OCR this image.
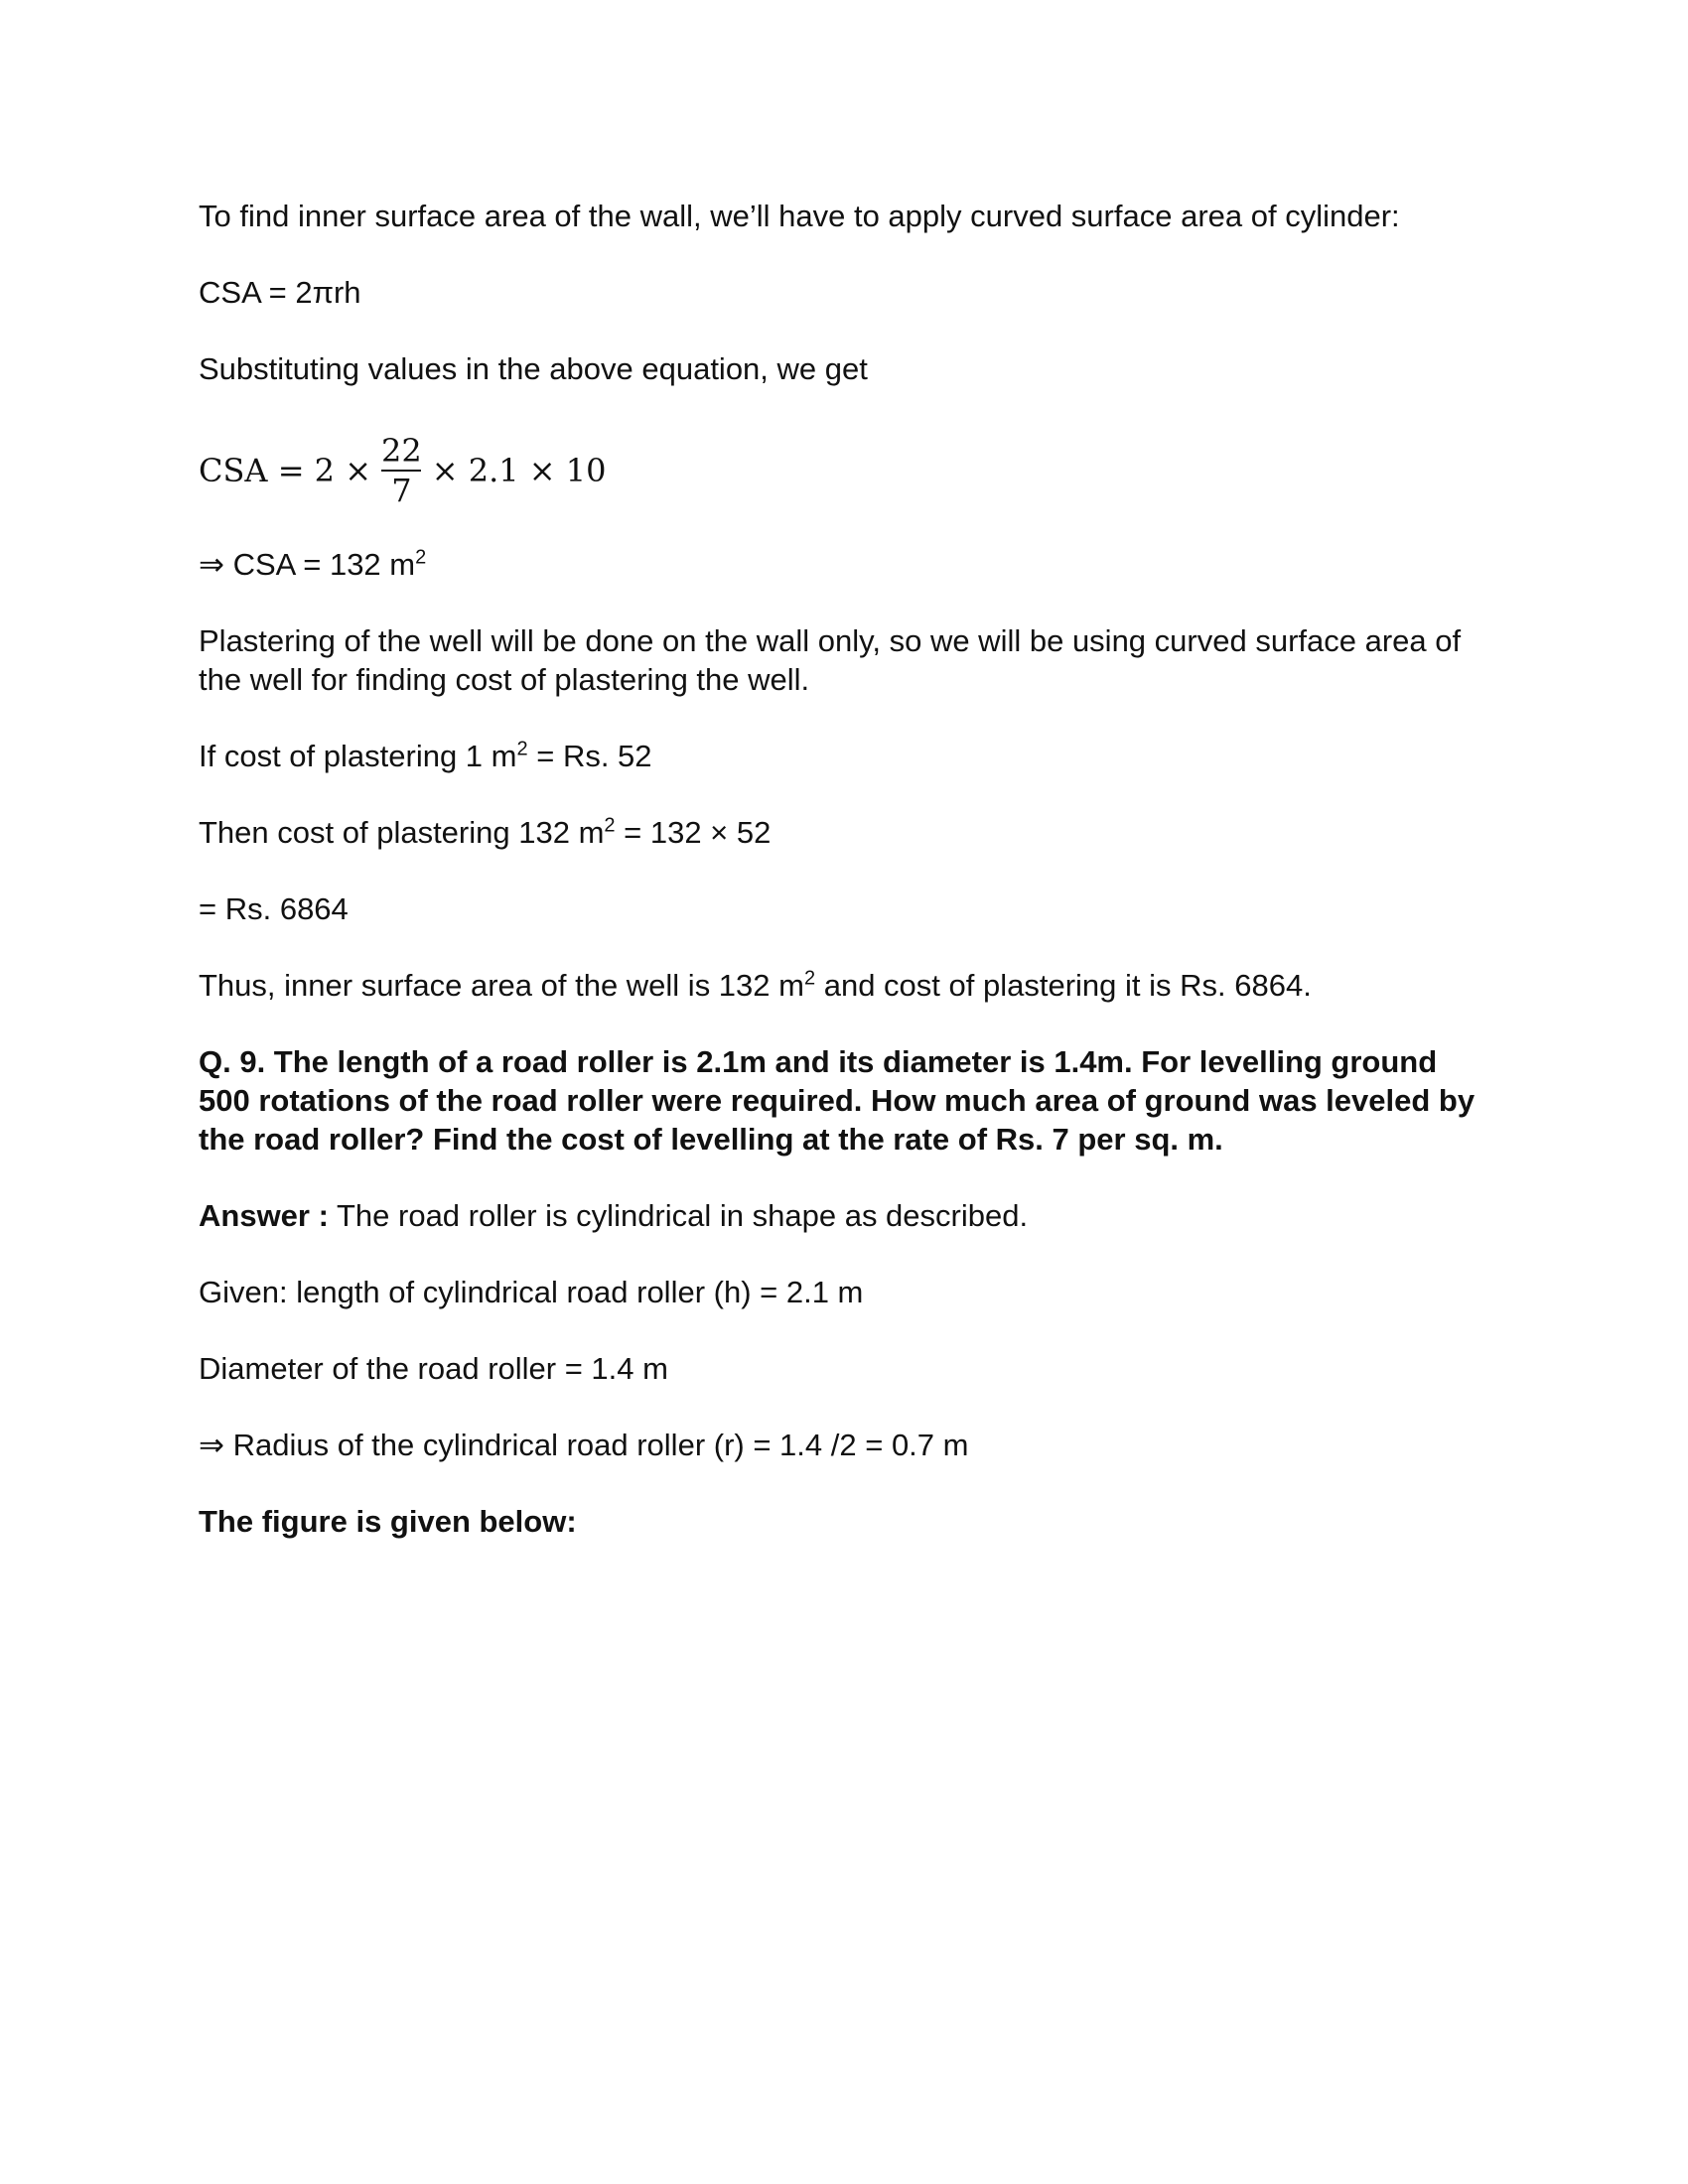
To find inner surface area of the wall, we’ll have to apply curved surface area of cylinder:

CSA = 2πrh

Substituting values in the above equation, we get

CSA = $2 \times \frac{22}{7} \times 2.1 \times 10$

⇒ CSA = 132 $m^2$

Plastering of the well will be done on the wall only, so we will be using curved surface area of the well for finding cost of plastering the well.

If cost of plastering 1 $m^2 = Rs$. 52

Then cost of plastering 132 $m^2 = 132 \times 52$

= Rs. 6864

Thus, inner surface area of the well is 132 $m^2$ and cost of plastering it is Rs. 6864.

Q. 9. The length of a road roller is 2.1m and its diameter is 1.4m. For levelling ground 500 rotations of the road roller were required. How much area of ground was leveled by the road roller? Find the cost of levelling at the rate of Rs. 7 per sq. m.

Answer : The road roller is cylindrical in shape as described.

Given: length of cylindrical road roller (h) = 2.1 m

Diameter of the road roller = 1.4 m

⇒ Radius of the cylindrical road roller (r) = 1.4 /2 = 0.7 m

The figure is given below:
